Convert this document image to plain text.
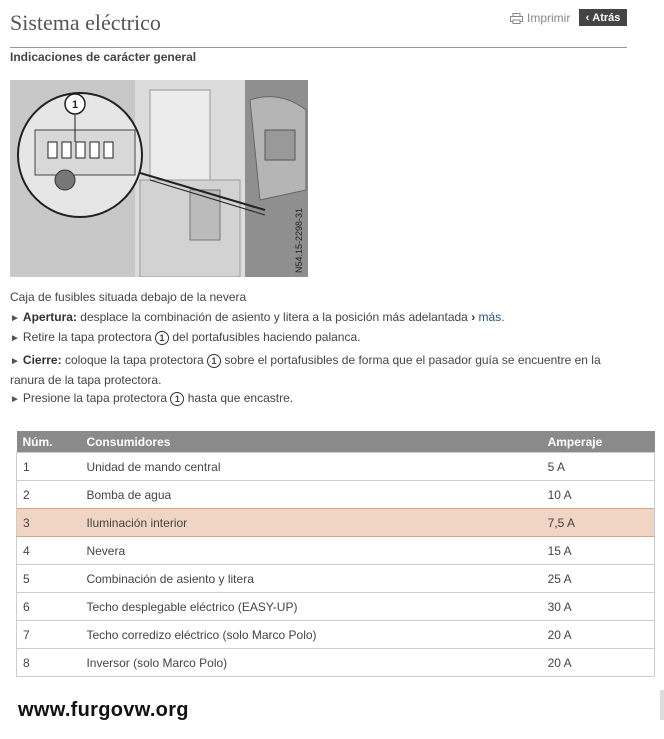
Sistema eléctrico	Imprimir ‹ Atrás
Indicaciones de carácter general
1
N54.15-2298-31
Caja de fusibles situada debajo de la nevera
► Apertura: desplace la combinación de asiento y litera a la posición más adelantada › más.
► Retire la tapa protectora 1 del portafusibles haciendo palanca.
► Cierre: coloque la tapa protectora 1 sobre el portafusibles de forma que el pasador guía se encuentre en la
ranura de la tapa protectora.
► Presione la tapa protectora 1 hasta que encastre.
Núm.	Consumidores	Amperaje
1	Unidad de mando central	5 A
2	Bomba de agua	10 A
3	Iluminación interior	7,5 A
4	Nevera	15 A
5	Combinación de asiento y litera	25 A
6	Techo desplegable eléctrico (EASY-UP)	30 A
7	Techo corredizo eléctrico (solo Marco Polo)	20 A
8	Inversor (solo Marco Polo)	20 A
www.furgovw.org
